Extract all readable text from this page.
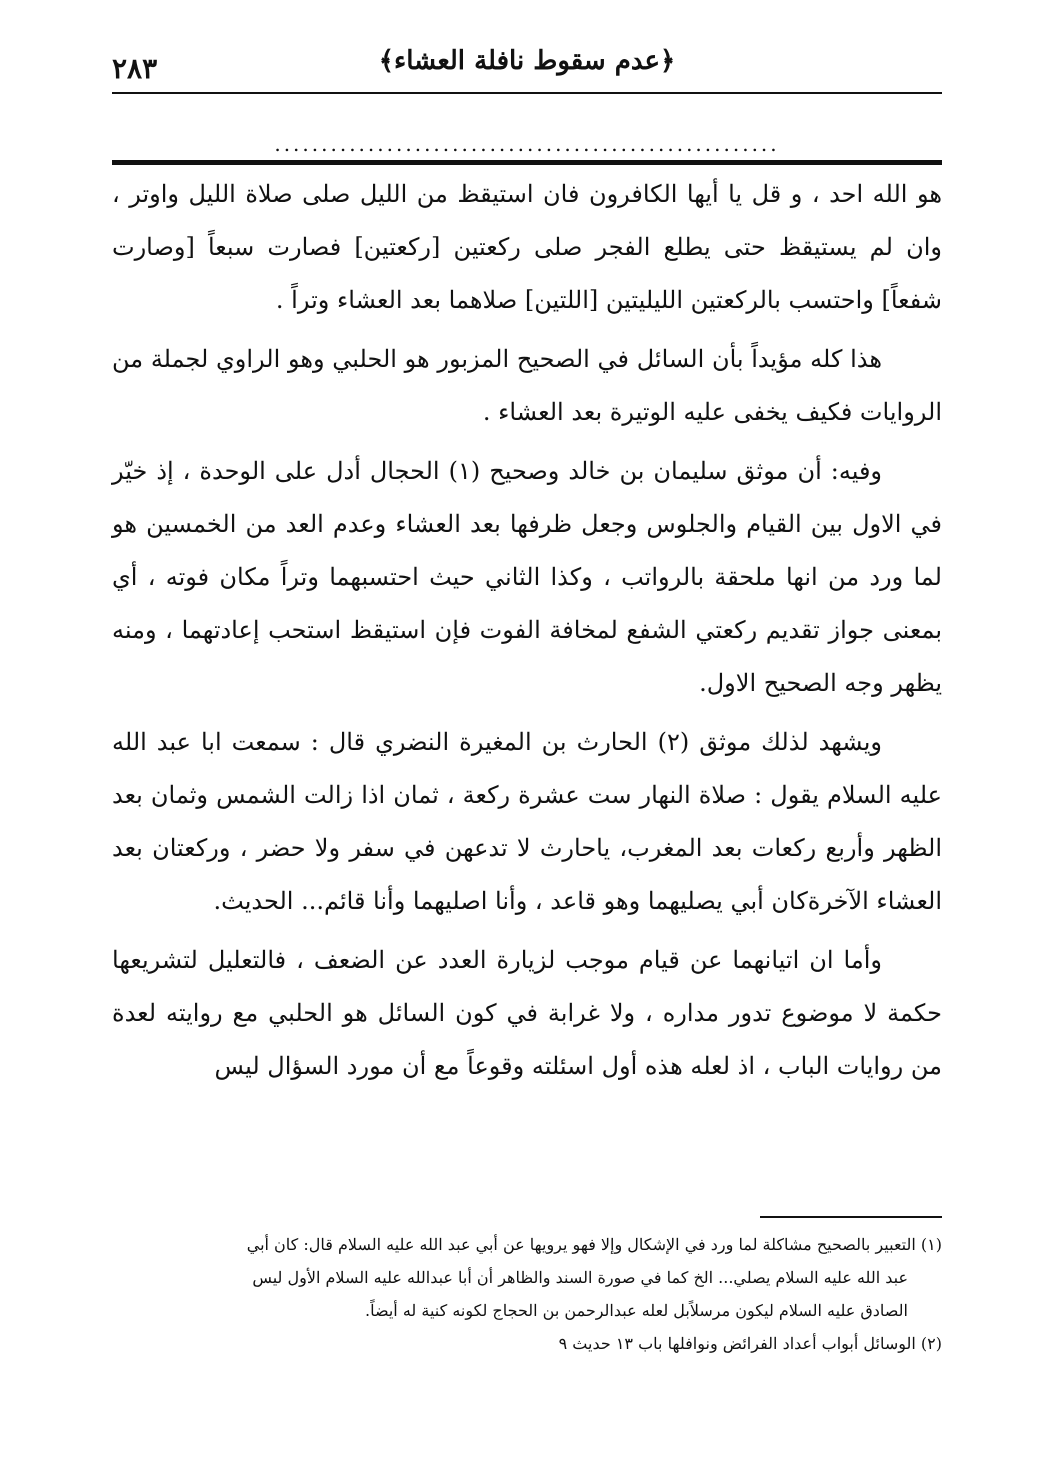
٢٨٣	﴿عدم سقوط نافلة العشاء﴾
......................................................

هو الله احد ، و قل يا أيها الكافرون فان استيقظ من الليل صلى صلاة الليل واوتر ، وان لم يستيقظ حتى يطلع الفجر صلى ركعتين [ركعتين] فصارت سبعاً [وصارت شفعاً] واحتسب بالركعتين الليليتين [اللتين] صلاهما بعد العشاء وتراً .

هذا كله مؤيداً بأن السائل في الصحيح المزبور هو الحلبي وهو الراوي لجملة من الروايات فكيف يخفى عليه الوتيرة بعد العشاء .

وفيه: أن موثق سليمان بن خالد وصحيح (١) الحجال أدل على الوحدة ، إذ خيّر في الاول بين القيام والجلوس وجعل ظرفها بعد العشاء وعدم العد من الخمسين هو لما ورد من انها ملحقة بالرواتب ، وكذا الثاني حيث احتسبهما وتراً مكان فوته ، أي بمعنى جواز تقديم ركعتي الشفع لمخافة الفوت فإن استيقظ استحب إعادتهما ، ومنه يظهر وجه الصحيح الاول.

ويشهد لذلك موثق (٢) الحارث بن المغيرة النضري قال : سمعت ابا عبد الله عليه السلام يقول : صلاة النهار ست عشرة ركعة ، ثمان اذا زالت الشمس وثمان بعد الظهر وأربع ركعات بعد المغرب، ياحارث لا تدعهن في سفر ولا حضر ، وركعتان بعد العشاء الآخرةكان أبي يصليهما وهو قاعد ، وأنا اصليهما وأنا قائم... الحديث.

وأما ان اتيانهما عن قيام موجب لزيارة العدد عن الضعف ، فالتعليل لتشريعها حكمة لا موضوع تدور مداره ، ولا غرابة في كون السائل هو الحلبي مع روايته لعدة من روايات الباب ، اذ لعله هذه أول اسئلته وقوعاً مع أن مورد السؤال ليس

(١) التعبير بالصحيح مشاكلة لما ورد في الإشكال وإلا فهو يرويها عن أبي عبد الله عليه السلام قال: كان أبي

عبد الله عليه السلام يصلي... الخ كما في صورة السند والظاهر أن أبا عبدالله عليه السلام الأول ليس

الصادق عليه السلام ليكون مرسلاًبل لعله عبدالرحمن بن الحجاج لكونه كنية له أيضاً.

(٢) الوسائل أبواب أعداد الفرائض ونوافلها باب ١٣ حديث ٩
